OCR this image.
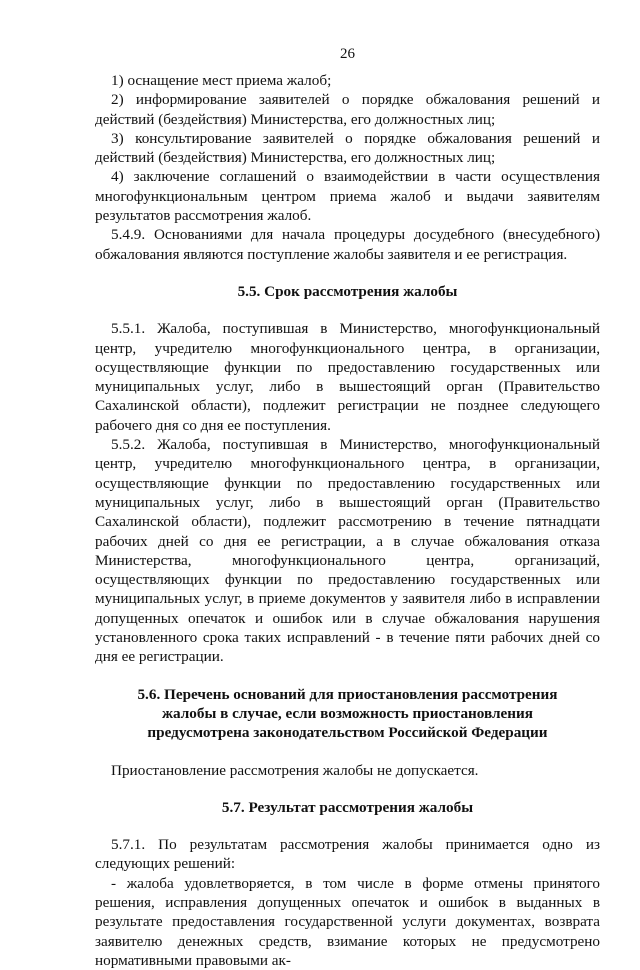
26

1) оснащение мест приема жалоб;

2) информирование заявителей о порядке обжалования решений и действий (бездействия) Министерства, его должностных лиц;

3) консультирование заявителей о порядке обжалования решений и действий (бездействия) Министерства, его должностных лиц;

4) заключение соглашений о взаимодействии в части осуществления многофункциональным центром приема жалоб и выдачи заявителям результатов рассмотрения жалоб.

5.4.9. Основаниями для начала процедуры досудебного (внесудебного) обжалования являются поступление жалобы заявителя и ее регистрация.

5.5. Срок рассмотрения жалобы

5.5.1. Жалоба, поступившая в Министерство, многофункциональный центр, учредителю многофункционального центра, в организации, осуществляющие функции по предоставлению государственных или муниципальных услуг, либо в вышестоящий орган (Правительство Сахалинской области), подлежит регистрации не позднее следующего рабочего дня со дня ее поступления.

5.5.2. Жалоба, поступившая в Министерство, многофункциональный центр, учредителю многофункционального центра, в организации, осуществляющие функции по предоставлению государственных или муниципальных услуг, либо в вышестоящий орган (Правительство Сахалинской области), подлежит рассмотрению в течение пятнадцати рабочих дней со дня ее регистрации, а в случае обжалования отказа Министерства, многофункционального центра, организаций, осуществляющих функции по предоставлению государственных или муниципальных услуг, в приеме документов у заявителя либо в исправлении допущенных опечаток и ошибок или в случае обжалования нарушения установленного срока таких исправлений - в течение пяти рабочих дней со дня ее регистрации.

5.6. Перечень оснований для приостановления рассмотрения
жалобы в случае, если возможность приостановления
предусмотрена законодательством Российской Федерации

Приостановление рассмотрения жалобы не допускается.

5.7. Результат рассмотрения жалобы

5.7.1. По результатам рассмотрения жалобы принимается одно из следующих решений:

- жалоба удовлетворяется, в том числе в форме отмены принятого решения, исправления допущенных опечаток и ошибок в выданных в результате предоставления государственной услуги документах, возврата заявителю денежных средств, взимание которых не предусмотрено нормативными правовыми ак-
